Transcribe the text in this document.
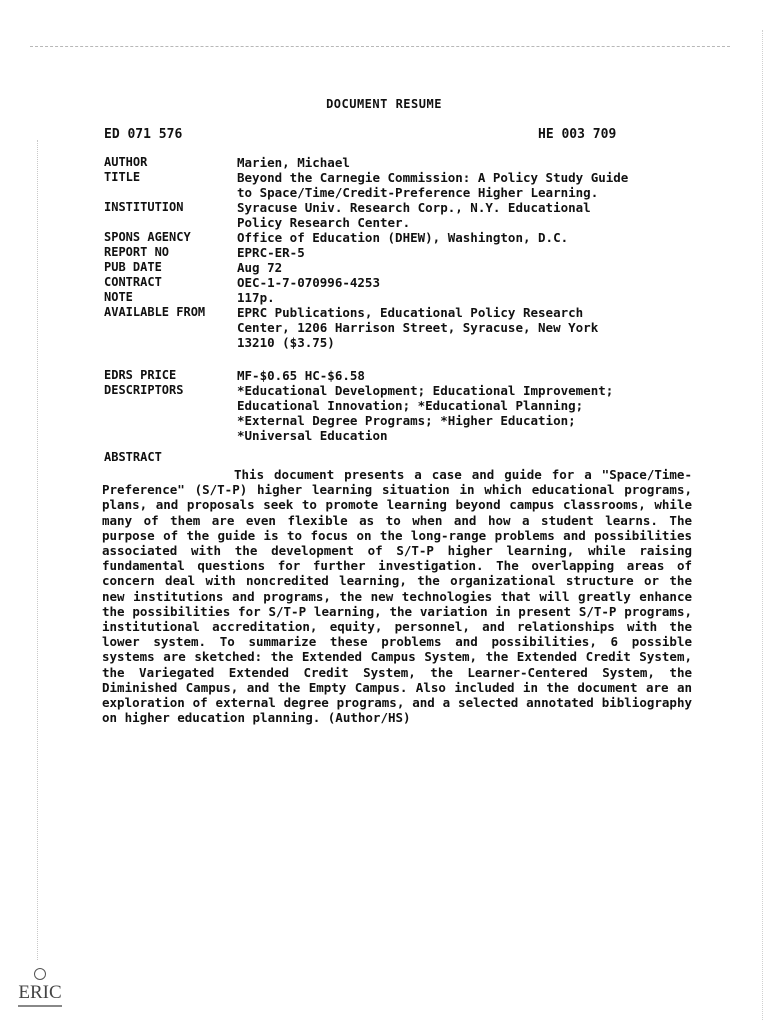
DOCUMENT RESUME
ED 071 576	HE 003 709
AUTHOR	Marien, Michael
TITLE	Beyond the Carnegie Commission: A Policy Study Guide
to Space/Time/Credit-Preference Higher Learning.
INSTITUTION	Syracuse Univ. Research Corp., N.Y. Educational
Policy Research Center.
SPONS AGENCY	Office of Education (DHEW), Washington, D.C.
REPORT NO	EPRC-ER-5
PUB DATE	Aug 72
CONTRACT	OEC-1-7-070996-4253
NOTE	117p.
AVAILABLE FROM	EPRC Publications, Educational Policy Research
Center, 1206 Harrison Street, Syracuse, New York
13210 ($3.75)
EDRS PRICE	MF-$0.65 HC-$6.58
DESCRIPTORS	*Educational Development; Educational Improvement;
Educational Innovation; *Educational Planning;
*External Degree Programs; *Higher Education;
*Universal Education
ABSTRACT
This document presents a case and guide for a "Space/Time-Preference" (S/T-P) higher learning situation in which educational programs, plans, and proposals seek to promote learning beyond campus classrooms, while many of them are even flexible as to when and how a student learns. The purpose of the guide is to focus on the long-range problems and possibilities associated with the development of S/T-P higher learning, while raising fundamental questions for further investigation. The overlapping areas of concern deal with noncredited learning, the organizational structure or the new institutions and programs, the new technologies that will greatly enhance the possibilities for S/T-P learning, the variation in present S/T-P programs, institutional accreditation, equity, personnel, and relationships with the lower system. To summarize these problems and possibilities, 6 possible systems are sketched: the Extended Campus System, the Extended Credit System, the Variegated Extended Credit System, the Learner-Centered System, the Diminished Campus, and the Empty Campus. Also included in the document are an exploration of external degree programs, and a selected annotated bibliography on higher education planning. (Author/HS)
ERIC
